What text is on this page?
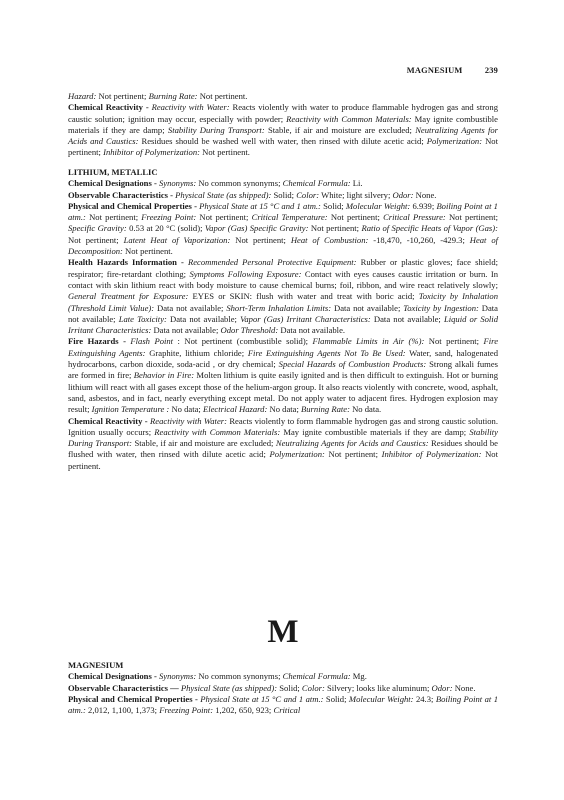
MAGNESIUM	239

Hazard: Not pertinent; Burning Rate: Not pertinent.

Chemical Reactivity - Reactivity with Water: Reacts violently with water to produce flammable hydrogen gas and strong caustic solution; ignition may occur, especially with powder; Reactivity with Common Materials: May ignite combustible materials if they are damp; Stability During Transport: Stable, if air and moisture are excluded; Neutralizing Agents for Acids and Caustics: Residues should be washed well with water, then rinsed with dilute acetic acid; Polymerization: Not pertinent; Inhibitor of Polymerization: Not pertinent.

LITHIUM, METALLIC

Chemical Designations - Synonyms: No common synonyms; Chemical Formula: Li.

Observable Characteristics - Physical State (as shipped): Solid; Color: White; light silvery; Odor: None.

Physical and Chemical Properties - Physical State at 15 °C and 1 atm.: Solid; Molecular Weight: 6.939; Boiling Point at 1 atm.: Not pertinent; Freezing Point: Not pertinent; Critical Temperature: Not pertinent; Critical Pressure: Not pertinent; Specific Gravity: 0.53 at 20 °C (solid); Vapor (Gas) Specific Gravity: Not pertinent; Ratio of Specific Heats of Vapor (Gas): Not pertinent; Latent Heat of Vaporization: Not pertinent; Heat of Combustion: -18,470, -10,260, -429.3; Heat of Decomposition: Not pertinent.

Health Hazards Information - Recommended Personal Protective Equipment: Rubber or plastic gloves; face shield; respirator; fire-retardant clothing; Symptoms Following Exposure: Contact with eyes causes caustic irritation or burn. In contact with skin lithium react with body moisture to cause chemical burns; foil, ribbon, and wire react relatively slowly; General Treatment for Exposure: EYES or SKIN: flush with water and treat with boric acid; Toxicity by Inhalation (Threshold Limit Value): Data not available; Short-Term Inhalation Limits: Data not available; Toxicity by Ingestion: Data not available; Late Toxicity: Data not available; Vapor (Gas) Irritant Characteristics: Data not available; Liquid or Solid Irritant Characteristics: Data not available; Odor Threshold: Data not available.

Fire Hazards - Flash Point : Not pertinent (combustible solid); Flammable Limits in Air (%): Not pertinent; Fire Extinguishing Agents: Graphite, lithium chloride; Fire Extinguishing Agents Not To Be Used: Water, sand, halogenated hydrocarbons, carbon dioxide, soda-acid , or dry chemical; Special Hazards of Combustion Products: Strong alkali fumes are formed in fire; Behavior in Fire: Molten lithium is quite easily ignited and is then difficult to extinguish. Hot or burning lithium will react with all gases except those of the helium-argon group. It also reacts violently with concrete, wood, asphalt, sand, asbestos, and in fact, nearly everything except metal. Do not apply water to adjacent fires. Hydrogen explosion may result; Ignition Temperature : No data; Electrical Hazard: No data; Burning Rate: No data.

Chemical Reactivity - Reactivity with Water: Reacts violently to form flammable hydrogen gas and strong caustic solution. Ignition usually occurs; Reactivity with Common Materials: May ignite combustible materials if they are damp; Stability During Transport: Stable, if air and moisture are excluded; Neutralizing Agents for Acids and Caustics: Residues should be flushed with water, then rinsed with dilute acetic acid; Polymerization: Not pertinent; Inhibitor of Polymerization: Not pertinent.

M

MAGNESIUM

Chemical Designations - Synonyms: No common synonyms; Chemical Formula: Mg.

Observable Characteristics — Physical State (as shipped): Solid; Color: Silvery; looks like aluminum; Odor: None.

Physical and Chemical Properties - Physical State at 15 °C and 1 atm.: Solid; Molecular Weight: 24.3; Boiling Point at 1 atm.: 2,012, 1,100, 1,373; Freezing Point: 1,202, 650, 923; Critical
